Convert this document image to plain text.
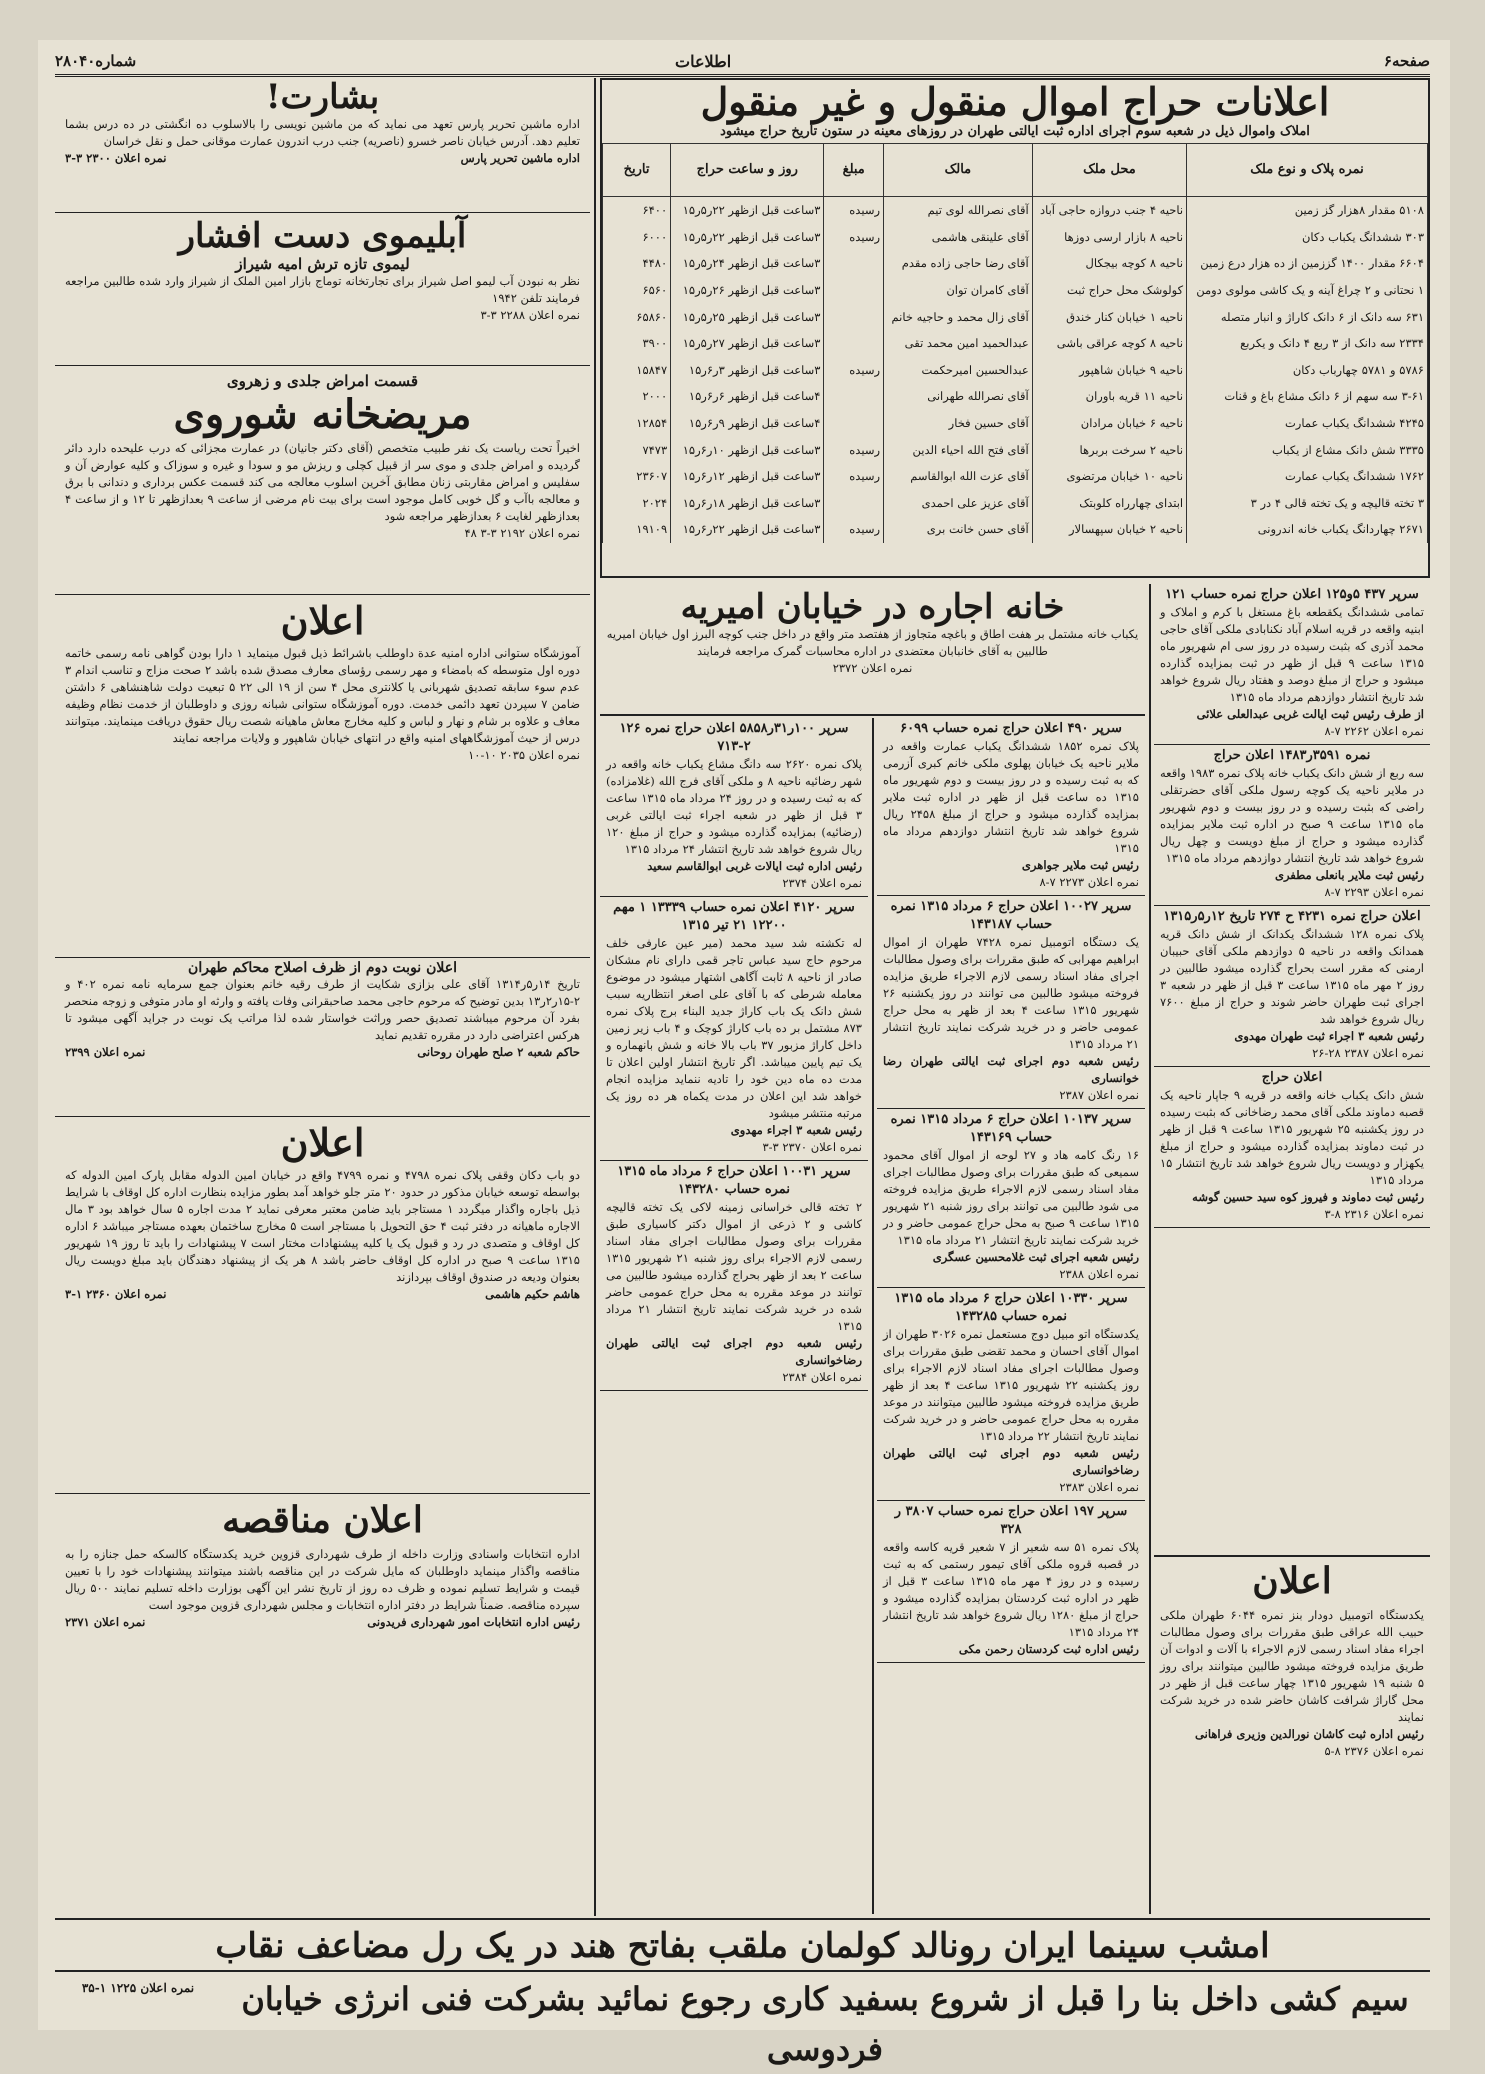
صفحه۶
اطلاعات
شماره۲۸۰۴۰
اعلانات حراج اموال منقول و غیر منقول
املاک واموال ذیل در شعبه سوم اجرای اداره ثبت ایالتی طهران در روزهای معینه در ستون تاریخ حراج میشود
نمره پلاک و نوع ملک	محل ملک	مالک	مبلغ	روز و ساعت حراج	تاریخ
۵۱۰۸ مقدار ۸هزار گز زمین	ناحیه ۴ جنب دروازه حاجی آباد	آقای نصرالله لوی تیم	رسیده	۳ساعت قبل ازظهر ۲۲ر۵ر۱۵	۶۴۰۰
۳۰۳ ششدانگ یکباب دکان	ناحیه ۸ بازار ارسی دوزها	آقای علینقی هاشمی	رسیده	۳ساعت قبل ازظهر ۲۲ر۵ر۱۵	۶۰۰۰
۶۶۰۴ مقدار ۱۴۰۰ گززمین از ده هزار درع زمین	ناحیه ۸ کوچه بیجکال	آقای رضا حاجی زاده مقدم		۳ساعت قبل ازظهر ۲۴ر۵ر۱۵	۴۴۸۰
۱ نحتانی و ۲ چراغ آینه و یک کاشی مولوی دومن	کولوشک محل حراج ثبت	آقای کامران توان		۳ساعت قبل ازظهر ۲۶ر۵ر۱۵	۶۵۶۰
۶۳۱ سه دانک از ۶ دانک کاراژ و انبار متصله	ناحیه ۱ خیابان کنار خندق	آقای زال محمد و حاجیه خانم		۳ساعت قبل ازظهر ۲۵ر۵ر۱۵	۶۵۸۶۰
۲۳۳۴ سه دانک از ۳ ربع ۴ دانک و یکربع	ناحیه ۸ کوچه عراقی باشی	عبدالحمید امین محمد تقی		۳ساعت قبل ازظهر ۲۷ر۵ر۱۵	۳۹۰۰
۵۷۸۶ و ۵۷۸۱ چهارباب دکان	ناحیه ۹ خیابان شاهپور	عبدالحسین امیرحکمت	رسیده	۳ساعت قبل ازظهر ۳ر۶ر۱۵	۱۵۸۴۷
۳-۶۱ سه سهم از ۶ دانک مشاع باغ و قنات	ناحیه ۱۱ قریه باوران	آقای نصرالله طهرانی		۴ساعت قبل ازظهر ۶ر۶ر۱۵	۲۰۰۰
۴۲۴۵ ششدانگ یکباب عمارت	ناحیه ۶ خیابان مرادان	آقای حسین فخار		۴ساعت قبل ازظهر ۹ر۶ر۱۵	۱۲۸۵۴
۳۳۳۵ شش دانک مشاع از یکباب	ناحیه ۲ سرخت بربرها	آقای فتح الله احیاء الدین	رسیده	۳ساعت قبل ازظهر ۱۰ر۶ر۱۵	۷۴۷۳
۱۷۶۲ ششدانگ یکباب عمارت	ناحیه ۱۰ خیابان مرتضوی	آقای عزت الله ابوالقاسم	رسیده	۳ساعت قبل ازظهر ۱۲ر۶ر۱۵	۲۳۶۰۷
۳ تخته قالیچه و یک تخته قالی ۴ در ۳	ابتدای چهارراه کلوبتک	آقای عزیز علی احمدی		۳ساعت قبل ازظهر ۱۸ر۶ر۱۵	۲۰۲۴
۲۶۷۱ چهاردانگ یکباب خانه اندرونی	ناحیه ۲ خیابان سپهسالار	آقای حسن خانت بری	رسیده	۳ساعت قبل ازظهر ۲۲ر۶ر۱۵	۱۹۱۰۹
بشارت!
اداره ماشین تحریر پارس تعهد می نماید که من ماشین نویسی را بالاسلوب ده انگشتی در ده درس بشما تعلیم دهد. آدرس خیابان ناصر خسرو (ناصریه) جنب درب اندرون عمارت موقانی حمل و نقل خراسان
اداره ماشین تحریر پارس
نمره اعلان ۲۳۰۰ ۳-۳
آبلیموی دست افشار
لیموی تازه ترش امیه شیراز
نظر به نبودن آب لیمو اصل شیراز برای تجارتخانه توماج بازار امین الملک از شیراز وارد شده طالبین مراجعه فرمایند تلفن ۱۹۴۲
نمره اعلان ۲۲۸۸ ۳-۳
قسمت امراض جلدی و زهروی
مریضخانه شوروی
اخیراً تحت ریاست یک نفر طبیب متخصص (آقای دکتر جانیان) در عمارت مجزائی که درب علیحده دارد دائر گردیده و امراض جلدی و موی سر از قبیل کچلی و ریزش مو و سودا و غیره و سوزاک و کلیه عوارض آن و سفلیس و امراض مقاربتی زنان مطابق آخرین اسلوب معالجه می کند قسمت عکس برداری و دندانی با برق و معالجه باآب و گل خوبی کامل موجود است برای بیت نام مرضی از ساعت ۹ بعدازظهر تا ۱۲ و از ساعت ۴ بعدازظهر لغایت ۶ بعدازظهر مراجعه شود
نمره اعلان ۲۱۹۲ ۳-۳ ۴۸
اعلان
آموزشگاه ستوانی اداره امنیه عدة داوطلب باشرائط ذیل قبول مینماید ۱ دارا بودن گواهی نامه رسمی خاتمه دوره اول متوسطه که بامضاء و مهر رسمی رؤسای معارف مصدق شده باشد ۲ صحت مزاج و تناسب اندام ۳ عدم سوء سابقه تصدیق شهربانی یا کلانتری محل ۴ سن از ۱۹ الی ۲۲ ۵ تبعیت دولت شاهنشاهی ۶ داشتن ضامن ۷ سپردن تعهد دائمی خدمت. دوره آموزشگاه ستوانی شبانه روزی و داوطلبان از خدمت نظام وظیفه معاف و علاوه بر شام و نهار و لباس و کلیه مخارج معاش ماهیانه شصت ریال حقوق دریافت مینمایند. میتوانند درس از حیث آموزشگاههای امنیه واقع در انتهای خیابان شاهپور و ولایات مراجعه نمایند
نمره اعلان ۲۰۳۵ ۱۰-۱۰
اعلان نوبت دوم از ظرف اصلاح محاکم طهران
تاریخ ۱۴ر۵ر۱۳۱۴ آقای علی بزازی شکایت از طرف رقیه خانم بعنوان جمع سرمایه نامه نمره ۴۰۲ و ۲-۱۵ر۲ر۱۳ بدین توضیح که مرحوم حاجی محمد صاحبقرانی وفات یافته و وارثه او مادر متوفی و زوجه منحصر بفرد آن مرحوم میباشند تصدیق حصر وراثت خواستار شده لذا مراتب یک نوبت در جراید آگهی میشود تا هرکس اعتراضی دارد در مقرره تقدیم نماید
حاکم شعبه ۲ صلح طهران روحانی
نمره اعلان ۲۳۹۹
اعلان
دو باب دکان وقفی پلاک نمره ۴۷۹۸ و نمره ۴۷۹۹ واقع در خیابان امین الدوله مقابل پارک امین الدوله که بواسطه توسعه خیابان مذکور در حدود ۲۰ متر جلو خواهد آمد بطور مزایده بنظارت اداره کل اوقاف با شرایط ذیل باجاره واگذار میگردد ۱ مستاجر باید ضامن معتبر معرفی نماید ۲ مدت اجاره ۵ سال خواهد بود ۳ مال الاجاره ماهیانه در دفتر ثبت ۴ حق التحویل با مستاجر است ۵ مخارج ساختمان بعهده مستاجر میباشد ۶ اداره کل اوقاف و متصدی در رد و قبول یک یا کلیه پیشنهادات مختار است ۷ پیشنهادات را باید تا روز ۱۹ شهریور ۱۳۱۵ ساعت ۹ صبح در اداره کل اوقاف حاضر باشد ۸ هر یک از پیشنهاد دهندگان باید مبلغ دویست ریال بعنوان ودیعه در صندوق اوقاف بپردازند
هاشم حکیم هاشمی
نمره اعلان ۲۳۶۰ ۱-۳
اعلان مناقصه
اداره انتخابات واسنادی وزارت داخله از طرف شهرداری قزوین خرید یکدستگاه کالسکه حمل جنازه را به مناقصه واگذار مینماید داوطلبان که مایل شرکت در این مناقصه باشند میتوانند پیشنهادات خود را با تعیین قیمت و شرایط تسلیم نموده و ظرف ده روز از تاریخ نشر این آگهی بوزارت داخله تسلیم نمایند ۵۰۰ ریال سپرده مناقصه. ضمناً شرایط در دفتر اداره انتخابات و مجلس شهرداری قزوین موجود است
رئیس اداره انتخابات امور شهرداری فریدونی
نمره اعلان ۲۳۷۱
خانه اجاره در خیابان امیریه
یکباب خانه مشتمل بر هفت اطاق و باغچه متجاوز از هفتصد متر واقع در داخل جنب کوچه البرز اول خیابان امیریه طالبین به آقای خانبابان معتضدی در اداره محاسبات گمرک مراجعه فرمایند
نمره اعلان ۲۳۷۲
سرپر ۱۰۰ر۳۱ر۵۸۵۸ اعلان حراج نمره ۱۲۶ ۲-۷۱۳
پلاک نمره ۲۶۲۰ سه دانگ مشاع یکباب خانه واقعه در شهر رضائیه ناحیه ۸ و ملکی آقای فرج الله (غلامزاده) که به ثبت رسیده و در روز ۲۴ مرداد ماه ۱۳۱۵ ساعت ۳ قبل از ظهر در شعبه اجراء ثبت ایالتی غربی (رضائیه) بمزایده گذارده میشود و حراج از مبلغ ۱۲۰ ریال شروع خواهد شد تاریخ انتشار ۲۴ مرداد ۱۳۱۵
رئیس اداره ثبت ایالات غربی ابوالقاسم سعید
نمره اعلان ۲۳۷۴
سرپر ۴۱۲۰ اعلان نمره حساب ۱۳۳۳۹ ۱ مهم ۱۲۲۰۰ ۲۱ تیر ۱۳۱۵
له تکشته شد سید محمد (میر عین عارفی خلف مرحوم حاج سید عباس تاجر قمی دارای نام مشکان صادر از ناحیه ۸ ثابت آگاهی اشتهار میشود در موضوع معامله شرطی که با آقای علی اصغر انتظاریه سبب شش دانک یک باب کاراژ جدید البناء برج پلاک نمره ۸۷۳ مشتمل بر ده باب کاراژ کوچک و ۴ باب زیر زمین داخل کاراژ مزبور ۳۷ باب بالا خانه و شش بانهماره و یک تیم پایین میباشد. اگر تاریخ انتشار اولین اعلان تا مدت ده ماه دین خود را تادیه ننماید مزایده انجام خواهد شد این اعلان در مدت یکماه هر ده روز یک مرتبه منتشر میشود
رئیس شعبه ۳ اجراء مهدوی
نمره اعلان ۲۳۷۰ ۳-۳
سرپر ۱۰۰۳۱ اعلان حراج ۶ مرداد ماه ۱۳۱۵ نمره حساب ۱۴۳۲۸۰
۲ تخته قالی خراسانی زمینه لاکی یک تخته قالیچه کاشی و ۲ ذرعی از اموال دکتر کاسیاری طبق مقررات برای وصول مطالبات اجرای مفاد اسناد رسمی لازم الاجراء برای روز شنبه ۲۱ شهریور ۱۳۱۵ ساعت ۲ بعد از ظهر بحراج گذارده میشود طالبین می توانند در موعد مقرره به محل حراج عمومی حاضر شده در خرید شرکت نمایند تاریخ انتشار ۲۱ مرداد ۱۳۱۵
رئیس شعبه دوم اجرای ثبت ایالتی طهران رضاخوانساری
نمره اعلان ۲۳۸۴
سرپر ۴۹۰ اعلان حراج نمره حساب ۶۰۹۹
پلاک نمره ۱۸۵۲ ششدانگ یکباب عمارت واقعه در ملایر ناحیه یک خیابان پهلوی ملکی خانم کبری آزرمی که به ثبت رسیده و در روز بیست و دوم شهریور ماه ۱۳۱۵ ده ساعت قبل از ظهر در اداره ثبت ملایر بمزایده گذارده میشود و حراج از مبلغ ۲۴۵۸ ریال شروع خواهد شد تاریخ انتشار دوازدهم مرداد ماه ۱۳۱۵
رئیس ثبت ملایر جواهری
نمره اعلان ۲۲۷۳ ۷-۸
سرپر ۱۰۰۲۷ اعلان حراج ۶ مرداد ۱۳۱۵ نمره حساب ۱۴۳۱۸۷
یک دستگاه اتومبیل نمره ۷۴۲۸ طهران از اموال ابراهیم مهرابی که طبق مقررات برای وصول مطالبات اجرای مفاد اسناد رسمی لازم الاجراء طریق مزایده فروخته میشود طالبین می توانند در روز یکشنبه ۲۶ شهریور ۱۳۱۵ ساعت ۴ بعد از ظهر به محل حراج عمومی حاضر و در خرید شرکت نمایند تاریخ انتشار ۲۱ مرداد ۱۳۱۵
رئیس شعبه دوم اجرای ثبت ایالتی طهران رضا خوانساری
نمره اعلان ۲۳۸۷
سرپر ۱۰۱۳۷ اعلان حراج ۶ مرداد ۱۳۱۵ نمره حساب ۱۴۳۱۶۹
۱۶ رنگ کامه هاد و ۲۷ لوحه از اموال آقای محمود سمیعی که طبق مقررات برای وصول مطالبات اجرای مفاد اسناد رسمی لازم الاجراء طریق مزایده فروخته می شود طالبین می توانند برای روز شنبه ۲۱ شهریور ۱۳۱۵ ساعت ۹ صبح به محل حراج عمومی حاضر و در خرید شرکت نمایند تاریخ انتشار ۲۱ مرداد ماه ۱۳۱۵
رئیس شعبه اجرای ثبت غلامحسین عسگری
نمره اعلان ۲۳۸۸
سرپر ۱۰۳۳۰ اعلان حراج ۶ مرداد ماه ۱۳۱۵ نمره حساب ۱۴۳۲۸۵
یکدستگاه اتو مبیل دوج مستعمل نمره ۳۰۲۶ طهران از اموال آقای احسان و محمد تقضی طبق مقررات برای وصول مطالبات اجرای مفاد اسناد لازم الاجراء برای روز یکشنبه ۲۲ شهریور ۱۳۱۵ ساعت ۴ بعد از ظهر طریق مزایده فروخته میشود طالبین میتوانند در موعد مقرره به محل حراج عمومی حاضر و در خرید شرکت نمایند تاریخ انتشار ۲۲ مرداد ۱۳۱۵
رئیس شعبه دوم اجرای ثبت ایالتی طهران رضاخوانساری
نمره اعلان ۲۳۸۳
سرپر ۱۹۷ اعلان حراج نمره حساب ۳۸۰۷ ر ۳۲۸
پلاک نمره ۵۱ سه شعیر از ۷ شعیر قریه کاسه واقعه در قصبه قروه ملکی آقای تیمور رستمی که به ثبت رسیده و در روز ۴ مهر ماه ۱۳۱۵ ساعت ۳ قبل از ظهر در اداره ثبت کردستان بمزایده گذارده میشود و حراج از مبلغ ۱۲۸۰ ریال شروع خواهد شد تاریخ انتشار ۲۴ مرداد ۱۳۱۵
رئیس اداره ثبت کردستان رحمن مکی
سرپر ۴۳۷ ۵و۱۲۵ اعلان حراج نمره حساب ۱۲۱
تمامی ششدانگ یکقطعه باغ مستغل با کرم و املاک و ابنیه واقعه در قریه اسلام آباد نکنابادی ملکی آقای حاجی محمد آذری که بثبت رسیده در روز سی ام شهریور ماه ۱۳۱۵ ساعت ۹ قبل از ظهر در ثبت بمزایده گذارده میشود و حراج از مبلغ دوصد و هفتاد ریال شروع خواهد شد تاریخ انتشار دوازدهم مرداد ماه ۱۳۱۵
از طرف رئیس ثبت ایالت غربی عبدالعلی علائی
نمره اعلان ۲۲۶۲ ۷-۸
نمره ۳۵۹۱ر۱۴۸۳ اعلان حراج
سه ربع از شش دانک یکباب خانه پلاک نمره ۱۹۸۳ واقعه در ملایر ناحیه یک کوچه رسول ملکی آقای حضرتقلی راضی که بثبت رسیده و در روز بیست و دوم شهریور ماه ۱۳۱۵ ساعت ۹ صبح در اداره ثبت ملایر بمزایده گذارده میشود و حراج از مبلغ دویست و چهل ریال شروع خواهد شد تاریخ انتشار دوازدهم مرداد ماه ۱۳۱۵
رئیس ثبت ملایر بانعلی مطفری
نمره اعلان ۲۲۹۳ ۷-۸
اعلان حراج نمره ۴۲۳۱ ح ۲۷۴ تاریخ ۱۲ر۵ر۱۳۱۵
پلاک نمره ۱۲۸ ششدانگ یکدانک از شش دانک قریه همدانک واقعه در ناحیه ۵ دوازدهم ملکی آقای حبیبان ارمنی که مقرر است بحراج گذارده میشود طالبین در روز ۲ مهر ماه ۱۳۱۵ ساعت ۳ قبل از ظهر در شعبه ۳ اجرای ثبت طهران حاضر شوند و حراج از مبلغ ۷۶۰۰ ریال شروع خواهد شد
رئیس شعبه ۳ اجراء ثبت طهران مهدوی
نمره اعلان ۲۳۸۷ ۲۸-۲۶
اعلان حراج
شش دانک یکباب خانه واقعه در قریه ۹ جاپار ناحیه یک قصبه دماوند ملکی آقای محمد رضاخانی که بثبت رسیده در روز یکشنبه ۲۵ شهریور ۱۳۱۵ ساعت ۹ قبل از ظهر در ثبت دماوند بمزایده گذارده میشود و حراج از مبلغ یکهزار و دویست ریال شروع خواهد شد تاریخ انتشار ۱۵ مرداد ۱۳۱۵
رئیس ثبت دماوند و فیروز کوه سید حسین گوشه
نمره اعلان ۲۳۱۶ ۸-۳
اعلان
یکدستگاه اتومبیل دودار بنز نمره ۶۰۴۴ طهران ملکی حبیب الله عراقی طبق مقررات برای وصول مطالبات اجراء مفاد اسناد رسمی لازم الاجراء با آلات و ادوات آن طریق مزایده فروخته میشود طالبین میتوانند برای روز ۵ شنبه ۱۹ شهریور ۱۳۱۵ چهار ساعت قبل از ظهر در محل گاراژ شرافت کاشان حاضر شده در خرید شرکت نمایند
رئیس اداره ثبت کاشان نورالدین وزیری فراهانی
نمره اعلان ۲۳۷۶ ۸-۵
امشب سینما ایران رونالد کولمان ملقب بفاتح هند در یک رل مضاعف نقاب
سیم کشی داخل بنا را قبل از شروع بسفید کاری رجوع نمائید بشرکت فنی انرژی خیابان فردوسی
نمره اعلان ۱۲۲۵ ۱-۳۵
